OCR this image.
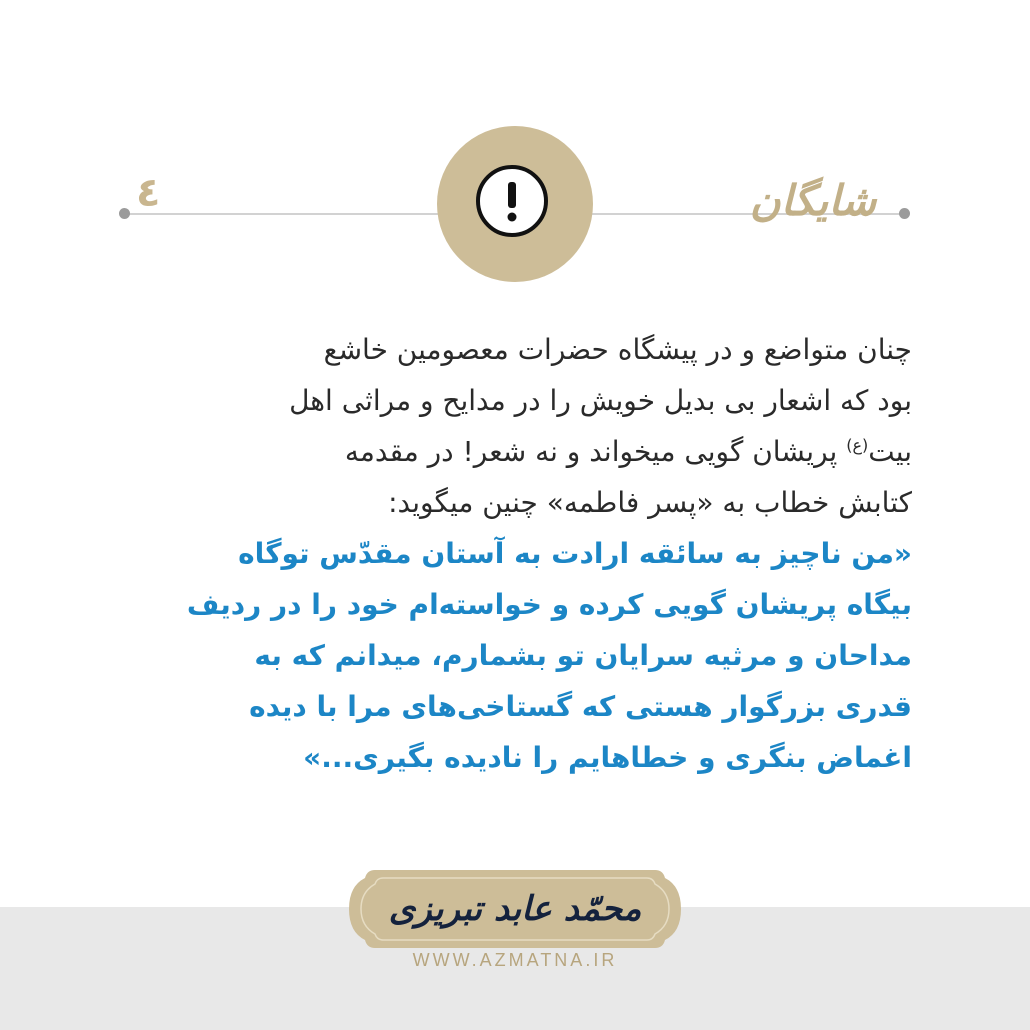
٤	شایگان

چنان متواضع و در پیشگاه حضرات معصومین خاشع

بود که اشعار بی بدیل خویش را در مدایح و مراثی اهل

بیت$^{(ع)}$ پریشان گویی میخواند و نه شعر! در مقدمه

کتابش خطاب به «پسر فاطمه» چنین میگوید:

«من ناچیز به سائقه ارادت به آستان مقدّس توگاه

بیگاه پریشان گویی کرده و خواسته‌ام خود را در ردیف

مداحان و مرثیه سرایان تو بشمارم، میدانم که به

قدری بزرگوار هستی که گستاخی‌های مرا با دیده

اغماض بنگری و خطاهایم را نادیده بگیری...»

محمّد عابد تبریزی
WWW.AZMATNA.IR
